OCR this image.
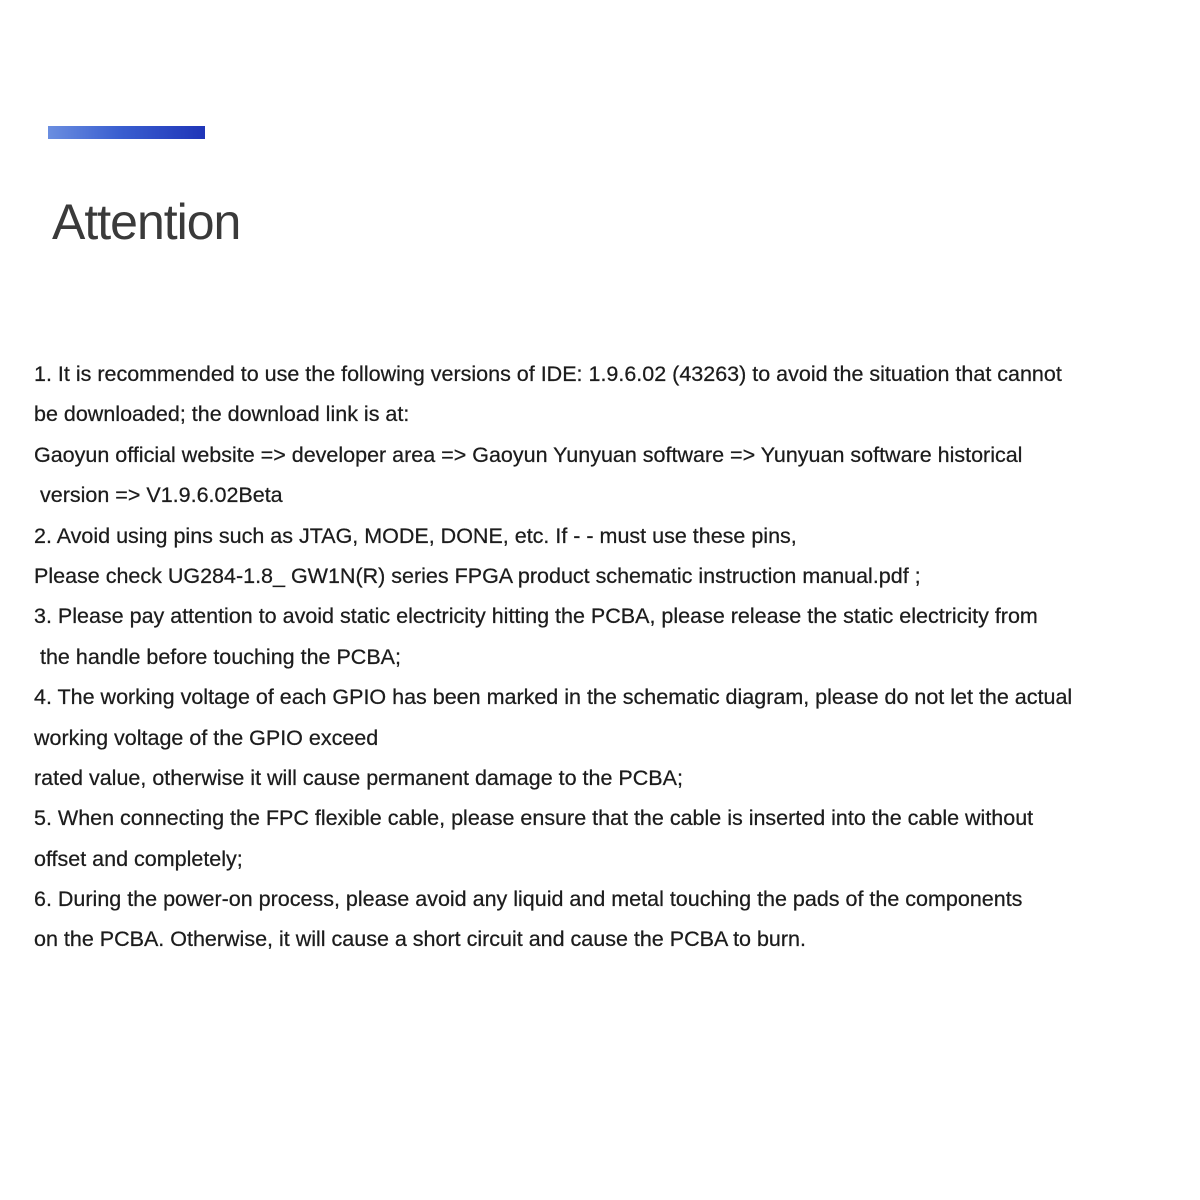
Attention
1. It is recommended to use the following versions of IDE: 1.9.6.02 (43263) to avoid the situation that cannot
be downloaded; the download link is at:
Gaoyun official website => developer area => Gaoyun Yunyuan software => Yunyuan software historical
version => V1.9.6.02Beta
2. Avoid using pins such as JTAG, MODE, DONE, etc. If - - must use these pins,
Please check UG284-1.8_ GW1N(R) series FPGA product schematic instruction manual.pdf ;
3. Please pay attention to avoid static electricity hitting the PCBA, please release the static electricity from
the handle before touching the PCBA;
4. The working voltage of each GPIO has been marked in the schematic diagram, please do not let the actual
working voltage of the GPIO exceed
rated value, otherwise it will cause permanent damage to the PCBA;
5. When connecting the FPC flexible cable, please ensure that the cable is inserted into the cable without
offset and completely;
6. During the power-on process, please avoid any liquid and metal touching the pads of the components
on the PCBA. Otherwise, it will cause a short circuit and cause the PCBA to burn.
